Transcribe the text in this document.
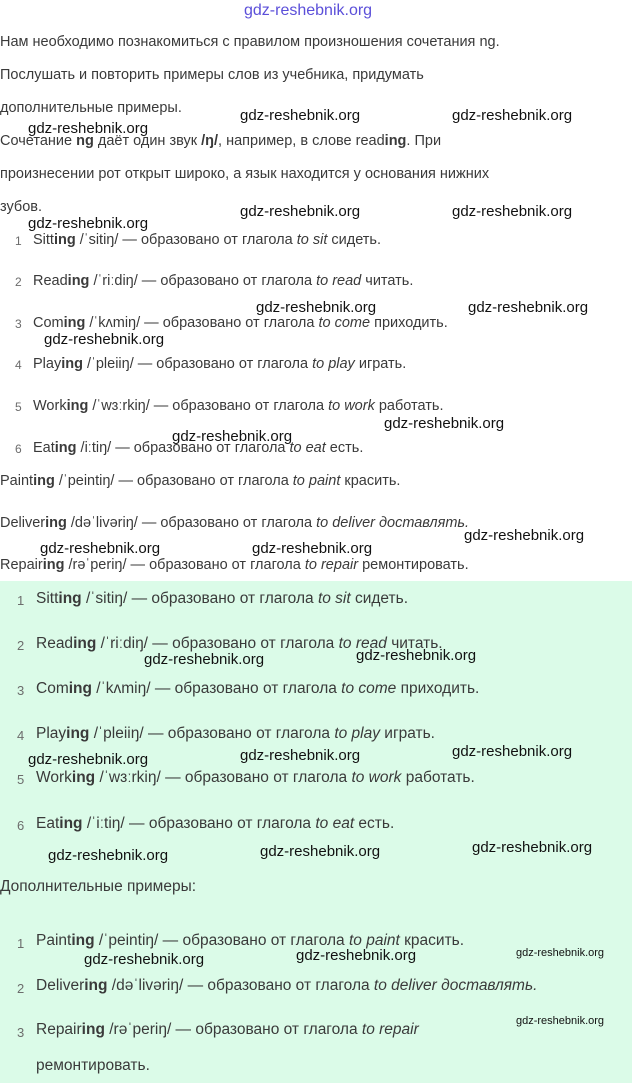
gdz-reshebnik.org
Нам необходимо познакомиться с правилом произношения сочетания ng.
Послушать и повторить примеры слов из учебника, придумать
дополнительные примеры.
Сочетание ng даёт один звук /ŋ/, например, в слове reading. При
произнесении рот открыт широко, а язык находится у основания нижних
зубов.
1 Sitting /ˈsitiŋ/ — образовано от глагола to sit сидеть.
2 Reading /ˈriːdiŋ/ — образовано от глагола to read читать.
3 Coming /ˈkʌmiŋ/ — образовано от глагола to come приходить.
4 Playing /ˈpleiiŋ/ — образовано от глагола to play играть.
5 Working /ˈwɜːrkiŋ/ — образовано от глагола to work работать.
6 Eating /iːtiŋ/ — образовано от глагола to eat есть.
Painting /ˈpeintiŋ/ — образовано от глагола to paint красить.
Delivering /dəˈlivəriŋ/ — образовано от глагола to deliver доставлять.
Repairing /rəˈperiŋ/ — образовано от глагола to repair ремонтировать.
1 Sitting /ˈsitiŋ/ — образовано от глагола to sit сидеть.
2 Reading /ˈriːdiŋ/ — образовано от глагола to read читать.
3 Coming /ˈkʌmiŋ/ — образовано от глагола to come приходить.
4 Playing /ˈpleiiŋ/ — образовано от глагола to play играть.
5 Working /ˈwɜːrkiŋ/ — образовано от глагола to work работать.
6 Eating /ˈiːtiŋ/ — образовано от глагола to eat есть.
Дополнительные примеры:
1 Painting /ˈpeintiŋ/ — образовано от глагола to paint красить.
2 Delivering /dəˈlivəriŋ/ — образовано от глагола to deliver доставлять.
3 Repairing /rəˈperiŋ/ — образовано от глагола to repair
ремонтировать.
gdz-reshebnik.org	gdz-reshebnik.org
gdz-reshebnik.org
gdz-reshebnik.org	gdz-reshebnik.org
gdz-reshebnik.org
gdz-reshebnik.org	gdz-reshebnik.org
gdz-reshebnik.org
gdz-reshebnik.org
gdz-reshebnik.org
gdz-reshebnik.org
gdz-reshebnik.org	gdz-reshebnik.org
gdz-reshebnik.org
gdz-reshebnik.org
gdz-reshebnik.org
gdz-reshebnik.org
gdz-reshebnik.org
gdz-reshebnik.org
gdz-reshebnik.org
gdz-reshebnik.org
gdz-reshebnik.org
gdz-reshebnik.org	gdz-reshebnik.org
gdz-reshebnik.org
